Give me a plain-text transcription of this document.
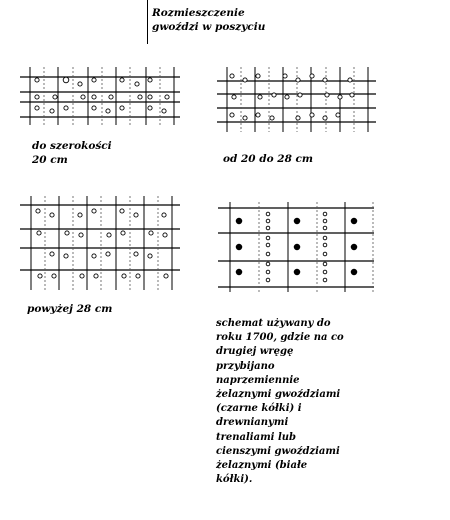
Rozmieszczenie
gwoździ w poszyciu
do szerokości
20 cm	od 20 do 28 cm
powyżej 28 cm
schemat używany do
roku 1700, gdzie na co
drugiej wręgę
przybijano
naprzemiennie
żelaznymi gwoździami
(czarne kółki) i
drewnianymi
trenaliami lub
cienszymi gwoździami
żelaznymi (białe
kółki).
